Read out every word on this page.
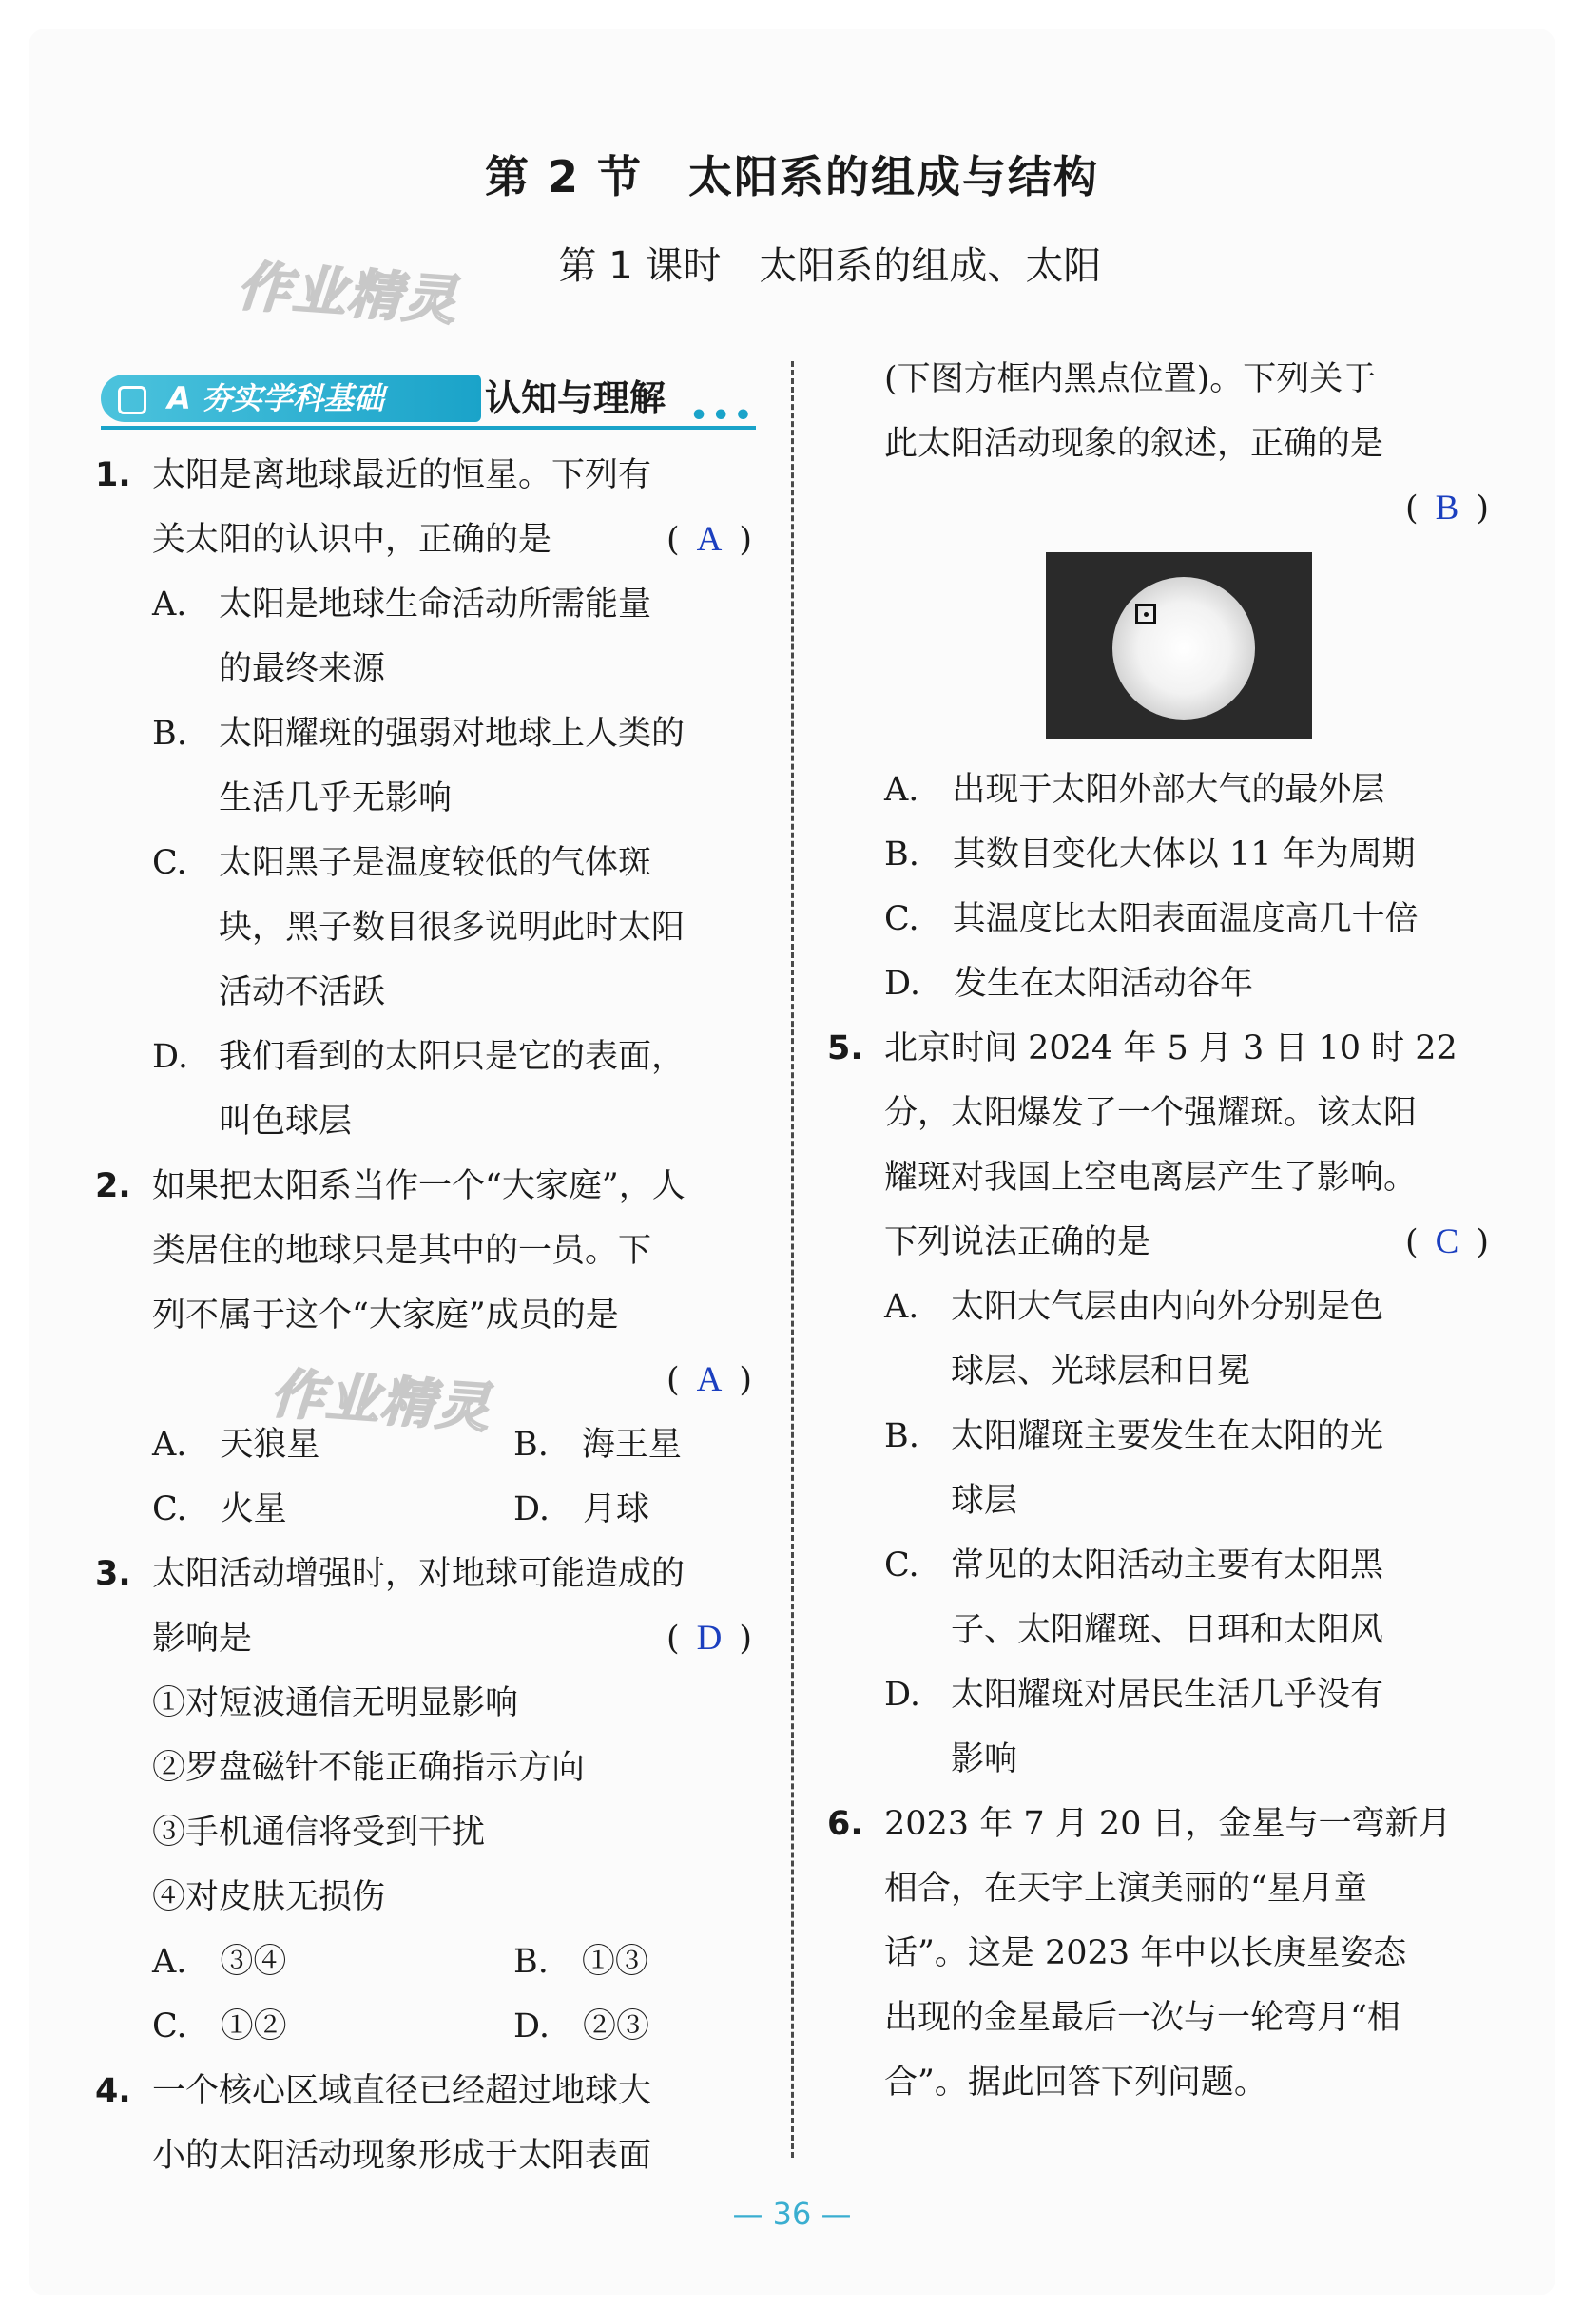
第 2 节　太阳系的组成与结构
第 1 课时　太阳系的组成、太阳
作业精灵
作业精灵
A 夯实学科基础	认知与理解 •••
1. 太阳是离地球最近的恒星。下列有
关太阳的认识中，正确的是	( A )
A. 太阳是地球生命活动所需能量
的最终来源
B. 太阳耀斑的强弱对地球上人类的
生活几乎无影响
C. 太阳黑子是温度较低的气体斑
块，黑子数目很多说明此时太阳
活动不活跃
D. 我们看到的太阳只是它的表面，
叫色球层
2. 如果把太阳系当作一个“大家庭”，人
类居住的地球只是其中的一员。下
列不属于这个“大家庭”成员的是
( A )
A.　天狼星	B.　海王星
C.　火星	D.　月球
3. 太阳活动增强时，对地球可能造成的
影响是	( D )
①对短波通信无明显影响
②罗盘磁针不能正确指示方向
③手机通信将受到干扰
④对皮肤无损伤
A.　③④	B.　①③
C.　①②	D.　②③
4. 一个核心区域直径已经超过地球大
小的太阳活动现象形成于太阳表面
(下图方框内黑点位置)。下列关于
此太阳活动现象的叙述，正确的是
( B )
A.　出现于太阳外部大气的最外层
B.　其数目变化大体以 11 年为周期
C.　其温度比太阳表面温度高几十倍
D.　发生在太阳活动谷年
5. 北京时间 2024 年 5 月 3 日 10 时 22
分，太阳爆发了一个强耀斑。该太阳
耀斑对我国上空电离层产生了影响。
下列说法正确的是	( C )
A. 太阳大气层由内向外分别是色
球层、光球层和日冕
B. 太阳耀斑主要发生在太阳的光
球层
C. 常见的太阳活动主要有太阳黑
子、太阳耀斑、日珥和太阳风
D. 太阳耀斑对居民生活几乎没有
影响
6. 2023 年 7 月 20 日，金星与一弯新月
相合，在天宇上演美丽的“星月童
话”。这是 2023 年中以长庚星姿态
出现的金星最后一次与一轮弯月“相
合”。据此回答下列问题。
— 36 —
